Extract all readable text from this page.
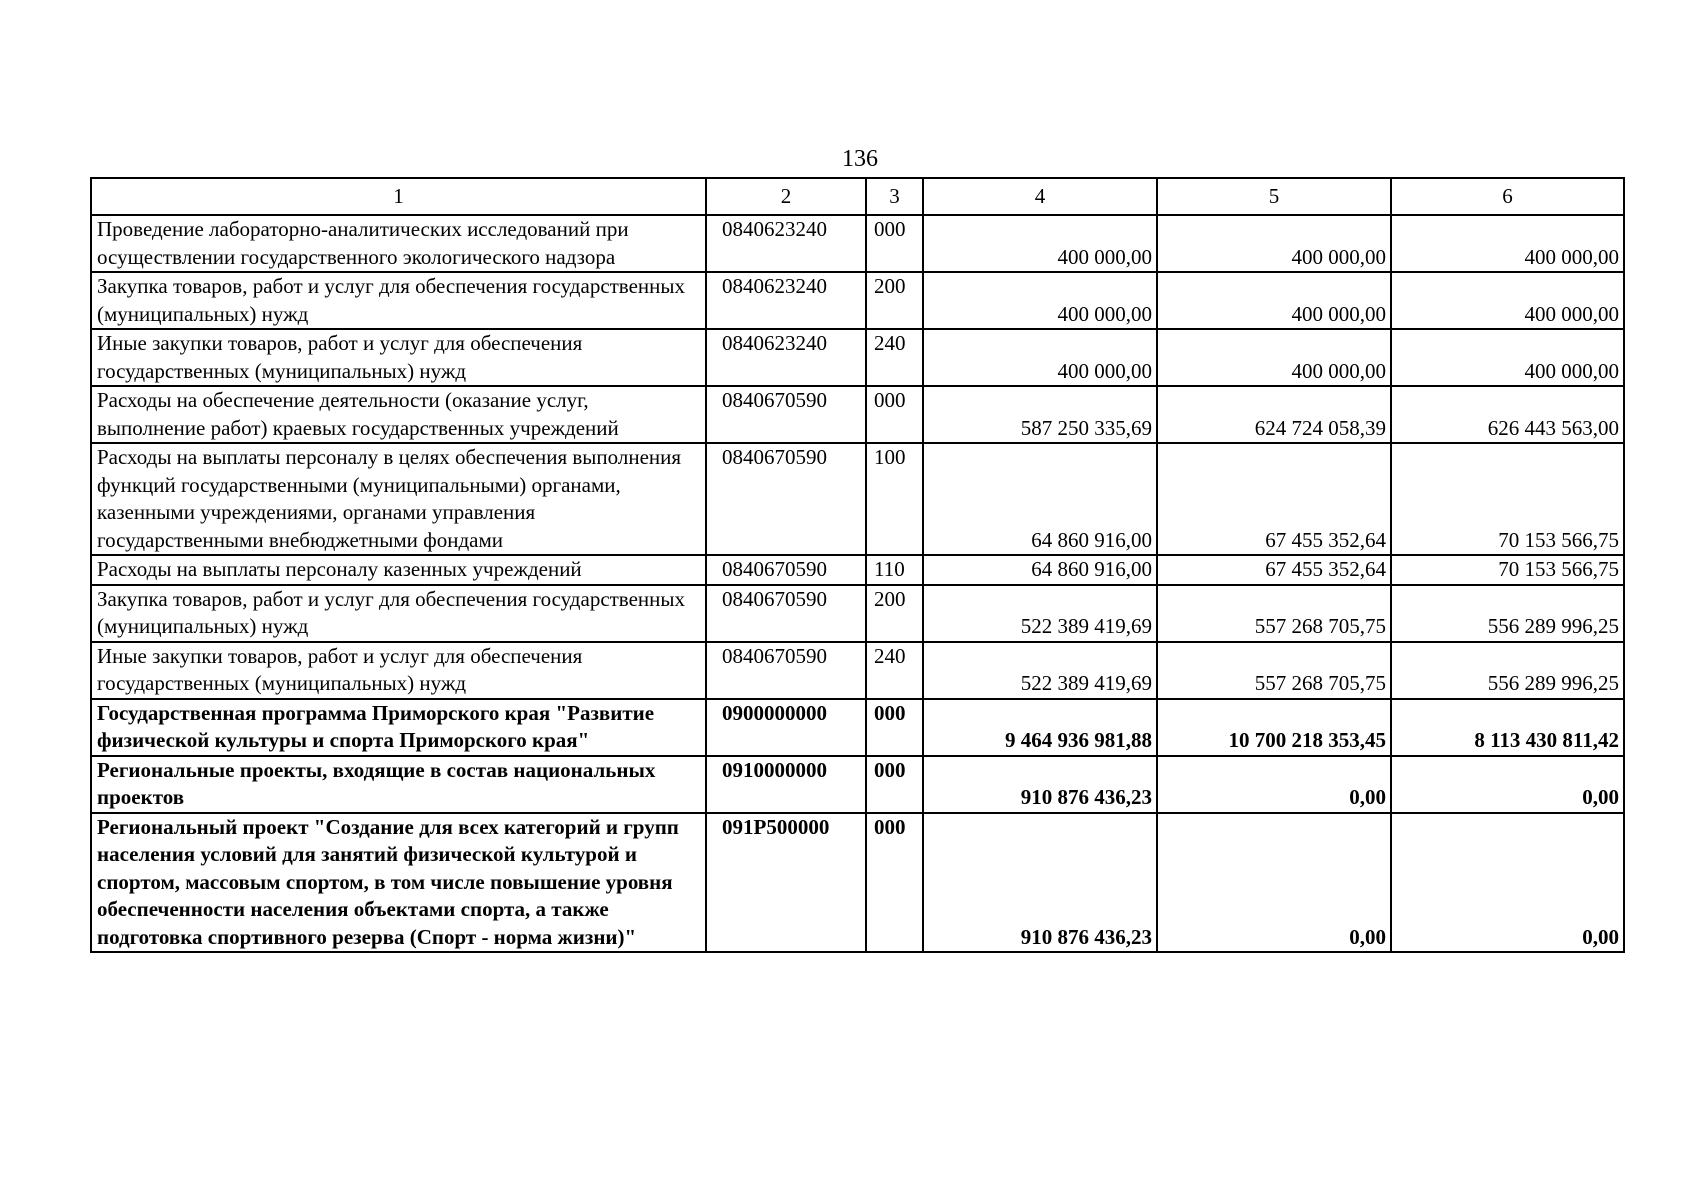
136
1	2	3	4	5	6
Проведение лабораторно-аналитических исследований при осуществлении государственного экологического надзора	0840623240	000	400 000,00	400 000,00	400 000,00
Закупка товаров, работ и услуг для обеспечения государственных (муниципальных) нужд	0840623240	200	400 000,00	400 000,00	400 000,00
Иные закупки товаров, работ и услуг для обеспечения государственных (муниципальных) нужд	0840623240	240	400 000,00	400 000,00	400 000,00
Расходы на обеспечение деятельности (оказание услуг, выполнение работ) краевых государственных учреждений	0840670590	000	587 250 335,69	624 724 058,39	626 443 563,00
Расходы на выплаты персоналу в целях обеспечения выполнения функций государственными (муниципальными) органами, казенными учреждениями, органами управления государственными внебюджетными фондами	0840670590	100	64 860 916,00	67 455 352,64	70 153 566,75
Расходы на выплаты персоналу казенных учреждений	0840670590	110	64 860 916,00	67 455 352,64	70 153 566,75
Закупка товаров, работ и услуг для обеспечения государственных (муниципальных) нужд	0840670590	200	522 389 419,69	557 268 705,75	556 289 996,25
Иные закупки товаров, работ и услуг для обеспечения государственных (муниципальных) нужд	0840670590	240	522 389 419,69	557 268 705,75	556 289 996,25
Государственная программа Приморского края "Развитие физической культуры и спорта Приморского края"	0900000000	000	9 464 936 981,88	10 700 218 353,45	8 113 430 811,42
Региональные проекты, входящие в состав национальных проектов	0910000000	000	910 876 436,23	0,00	0,00
Региональный проект "Создание для всех категорий и групп населения условий для занятий физической культурой и спортом, массовым спортом, в том числе повышение уровня обеспеченности населения объектами спорта, а также подготовка спортивного резерва (Спорт - норма жизни)"	091P500000	000	910 876 436,23	0,00	0,00
